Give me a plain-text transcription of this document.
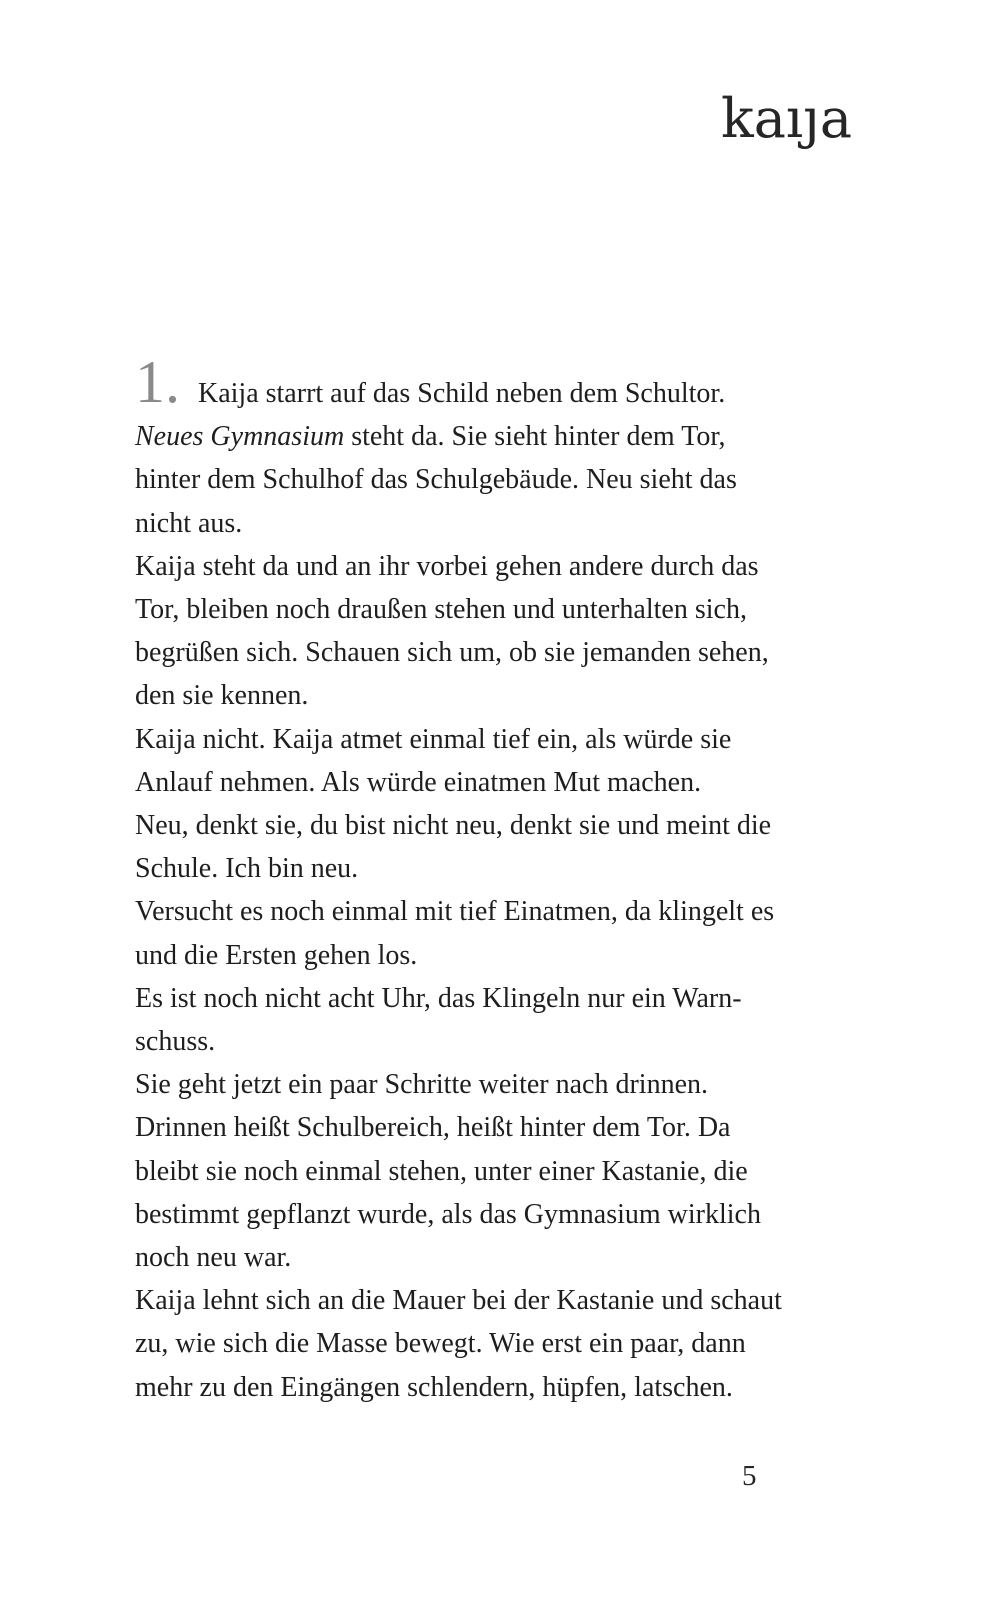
kaıȷa
1. Kaija starrt auf das Schild neben dem Schultor.
Neues Gymnasium steht da. Sie sieht hinter dem Tor,
hinter dem Schulhof das Schulgebäude. Neu sieht das
nicht aus.
Kaija steht da und an ihr vorbei gehen andere durch das
Tor, bleiben noch draußen stehen und unterhalten sich,
begrüßen sich. Schauen sich um, ob sie jemanden sehen,
den sie kennen.
Kaija nicht. Kaija atmet einmal tief ein, als würde sie
Anlauf nehmen. Als würde einatmen Mut machen.
Neu, denkt sie, du bist nicht neu, denkt sie und meint die
Schule. Ich bin neu.
Versucht es noch einmal mit tief Einatmen, da klingelt es
und die Ersten gehen los.
Es ist noch nicht acht Uhr, das Klingeln nur ein Warn-
schuss.
Sie geht jetzt ein paar Schritte weiter nach drinnen.
Drinnen heißt Schulbereich, heißt hinter dem Tor. Da
bleibt sie noch einmal stehen, unter einer Kastanie, die
bestimmt gepflanzt wurde, als das Gymnasium wirklich
noch neu war.
Kaija lehnt sich an die Mauer bei der Kastanie und schaut
zu, wie sich die Masse bewegt. Wie erst ein paar, dann
mehr zu den Eingängen schlendern, hüpfen, latschen.
5
